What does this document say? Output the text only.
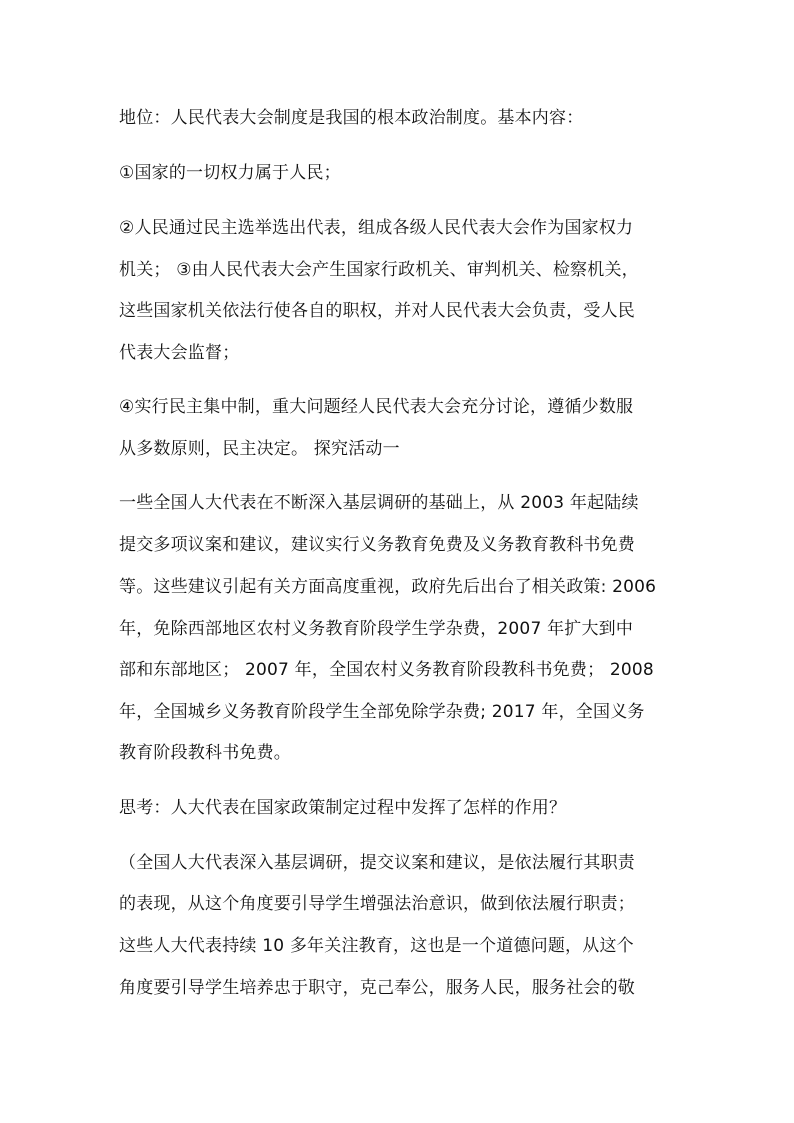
地位：人民代表大会制度是我国的根本政治制度。基本内容：
①国家的一切权力属于人民；
②人民通过民主选举选出代表，组成各级人民代表大会作为国家权力
机关； ③由人民代表大会产生国家行政机关、审判机关、检察机关，
这些国家机关依法行使各自的职权，并对人民代表大会负责，受人民
代表大会监督；
④实行民主集中制，重大问题经人民代表大会充分讨论，遵循少数服
从多数原则，民主决定。 探究活动一
一些全国人大代表在不断深入基层调研的基础上，从 2003 年起陆续
提交多项议案和建议，建议实行义务教育免费及义务教育教科书免费
等。这些建议引起有关方面高度重视，政府先后出台了相关政策: 2006
年，免除西部地区农村义务教育阶段学生学杂费，2007 年扩大到中
部和东部地区； 2007 年，全国农村义务教育阶段教科书免费； 2008
年，全国城乡义务教育阶段学生全部免除学杂费; 2017 年，全国义务
教育阶段教科书免费。
思考：人大代表在国家政策制定过程中发挥了怎样的作用？
（全国人大代表深入基层调研，提交议案和建议，是依法履行其职责
的表现，从这个角度要引导学生增强法治意识，做到依法履行职责；
这些人大代表持续 10 多年关注教育，这也是一个道德问题，从这个
角度要引导学生培养忠于职守，克己奉公，服务人民，服务社会的敬
